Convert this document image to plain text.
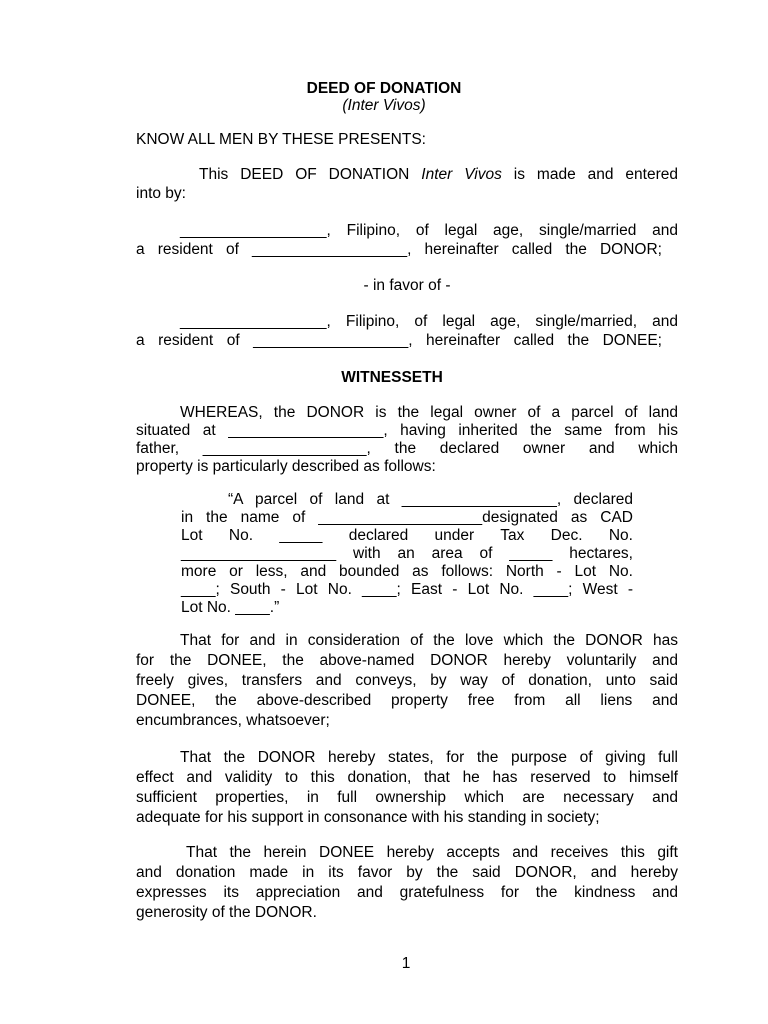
DEED OF DONATION
(Inter Vivos)
KNOW ALL MEN BY THESE PRESENTS:
This DEED OF DONATION Inter Vivos is made and entered
into by:
_________________, Filipino, of legal age, single/married and
a resident of __________________, hereinafter called the DONOR;
- in favor of -
_________________, Filipino, of legal age, single/married, and
a resident of __________________, hereinafter called the DONEE;
WITNESSETH
WHEREAS, the DONOR is the legal owner of a parcel of land
situated at __________________, having inherited the same from his
father, ___________________, the declared owner and which
property is particularly described as follows:
“A parcel of land at __________________, declared
in the name of ___________________designated as CAD
Lot No. _____ declared under Tax Dec. No.
__________________ with an area of _____ hectares,
more or less, and bounded as follows: North - Lot No.
____; South - Lot No. ____; East - Lot No. ____; West -
Lot No. ____.”
That for and in consideration of the love which the DONOR has
for the DONEE, the above-named DONOR hereby voluntarily and
freely gives, transfers and conveys, by way of donation, unto said
DONEE, the above-described property free from all liens and
encumbrances, whatsoever;
That the DONOR hereby states, for the purpose of giving full
effect and validity to this donation, that he has reserved to himself
sufficient properties, in full ownership which are necessary and
adequate for his support in consonance with his standing in society;
That the herein DONEE hereby accepts and receives this gift
and donation made in its favor by the said DONOR, and hereby
expresses its appreciation and gratefulness for the kindness and
generosity of the DONOR.
1
